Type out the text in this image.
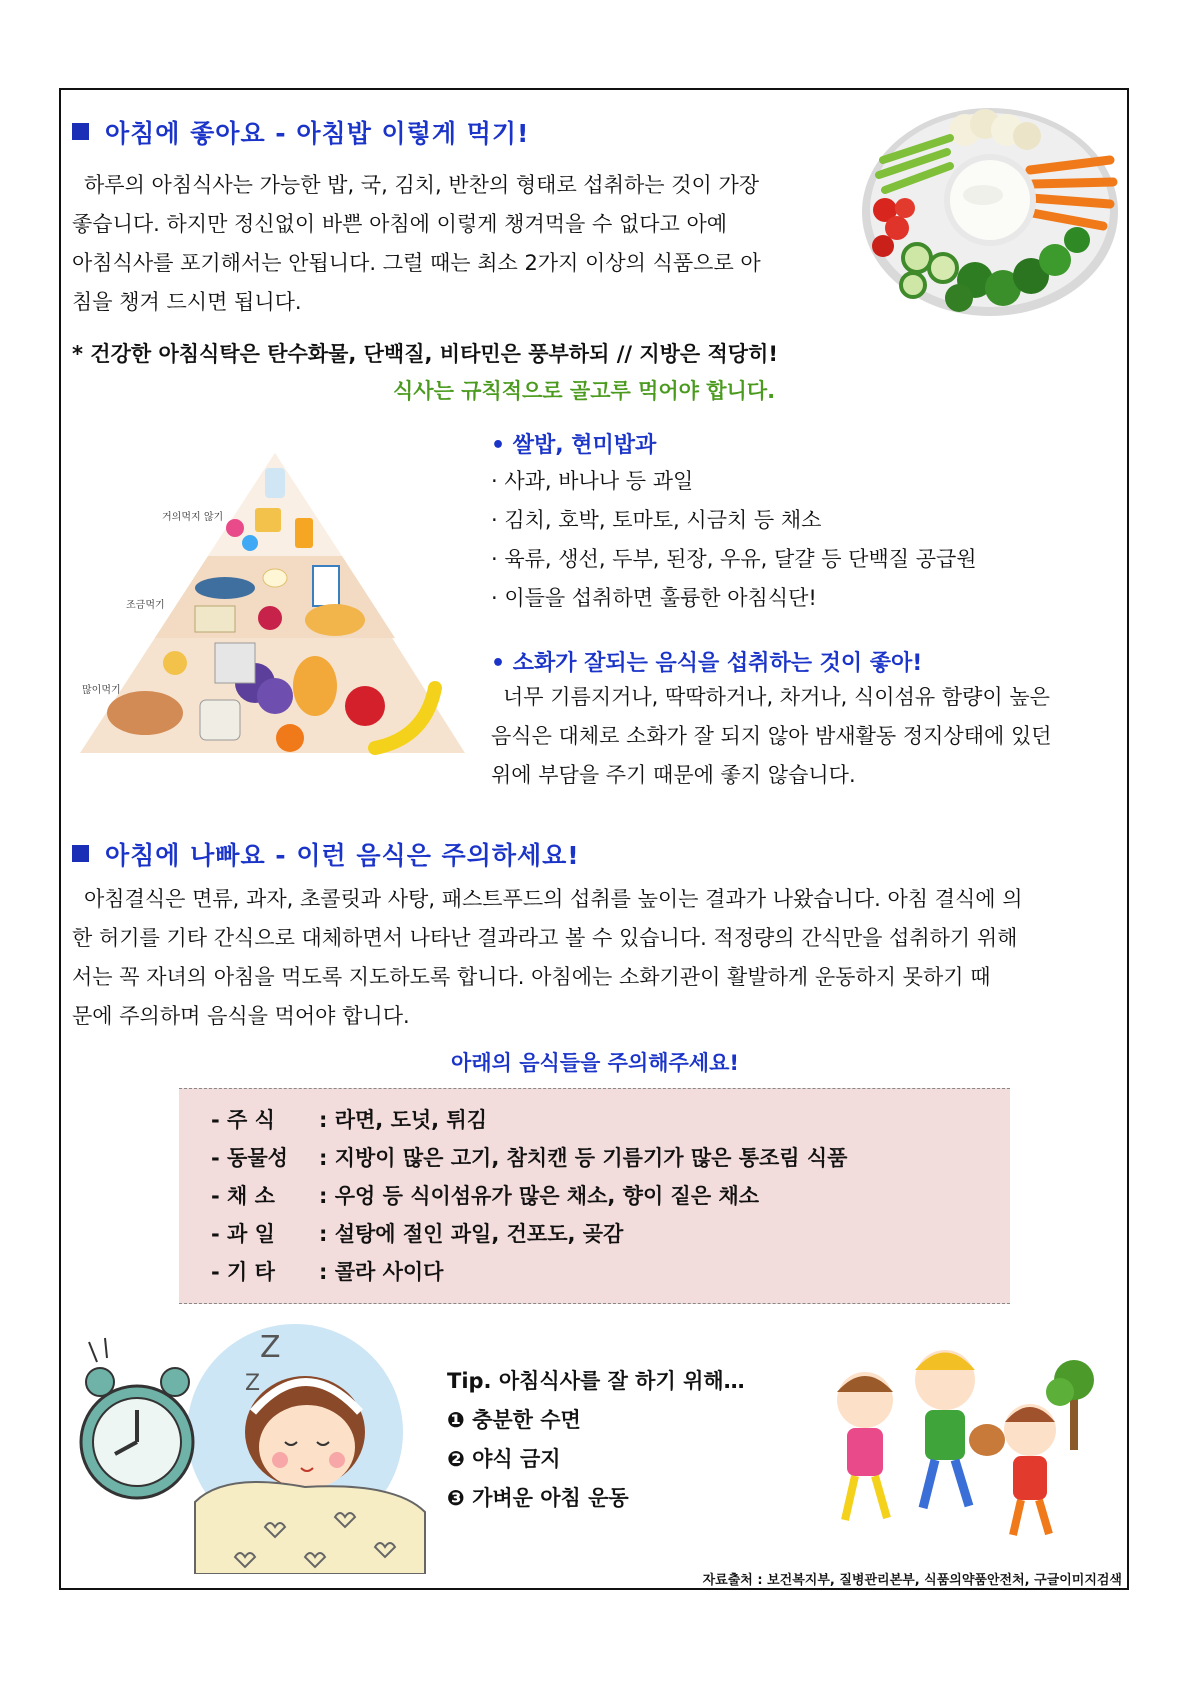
아침에 좋아요 - 아침밥 이렇게 먹기!

하루의 아침식사는 가능한 밥, 국, 김치, 반찬의 형태로 섭취하는 것이 가장

좋습니다. 하지만 정신없이 바쁜 아침에 이렇게 챙겨먹을 수 없다고 아예

아침식사를 포기해서는 안됩니다. 그럴 때는 최소 2가지 이상의 식품으로 아

침을 챙겨 드시면 됩니다.

* 건강한 아침식탁은 탄수화물, 단백질, 비타민은 풍부하되 // 지방은 적당히!
식사는 규칙적으로 골고루 먹어야 합니다.
거의먹지 않기
조금먹기
많이먹기
• 쌀밥, 현미밥과
· 사과, 바나나 등 과일
· 김치, 호박, 토마토, 시금치 등 채소
· 육류, 생선, 두부, 된장, 우유, 달걀 등 단백질 공급원
· 이들을 섭취하면 훌륭한 아침식단!
• 소화가 잘되는 음식을 섭취하는 것이 좋아!
너무 기름지거나, 딱딱하거나, 차거나, 식이섬유 함량이 높은
음식은 대체로 소화가 잘 되지 않아 밤새활동 정지상태에 있던
위에 부담을 주기 때문에 좋지 않습니다.
아침에 나빠요 - 이런 음식은 주의하세요!

아침결식은 면류, 과자, 초콜릿과 사탕, 패스트푸드의 섭취를 높이는 결과가 나왔습니다. 아침 결식에 의

한 허기를 기타 간식으로 대체하면서 나타난 결과라고 볼 수 있습니다. 적정량의 간식만을 섭취하기 위해

서는 꼭 자녀의 아침을 먹도록 지도하도록 합니다. 아침에는 소화기관이 활발하게 운동하지 못하기 때

문에 주의하며 음식을 먹어야 합니다.

아래의 음식들을 주의해주세요!
- 주 식 : 라면, 도넛, 튀김
- 동물성 : 지방이 많은 고기, 참치캔 등 기름기가 많은 통조림 식품
- 채 소 : 우엉 등 식이섬유가 많은 채소, 향이 짙은 채소
- 과 일 : 설탕에 절인 과일, 건포도, 곶감
- 기 타 : 콜라 사이다
Z
Z	Tip. 아침식사를 잘 하기 위해…
❶ 충분한 수면
❷ 야식 금지
❸ 가벼운 아침 운동
자료출처 : 보건복지부, 질병관리본부, 식품의약품안전처, 구글이미지검색
